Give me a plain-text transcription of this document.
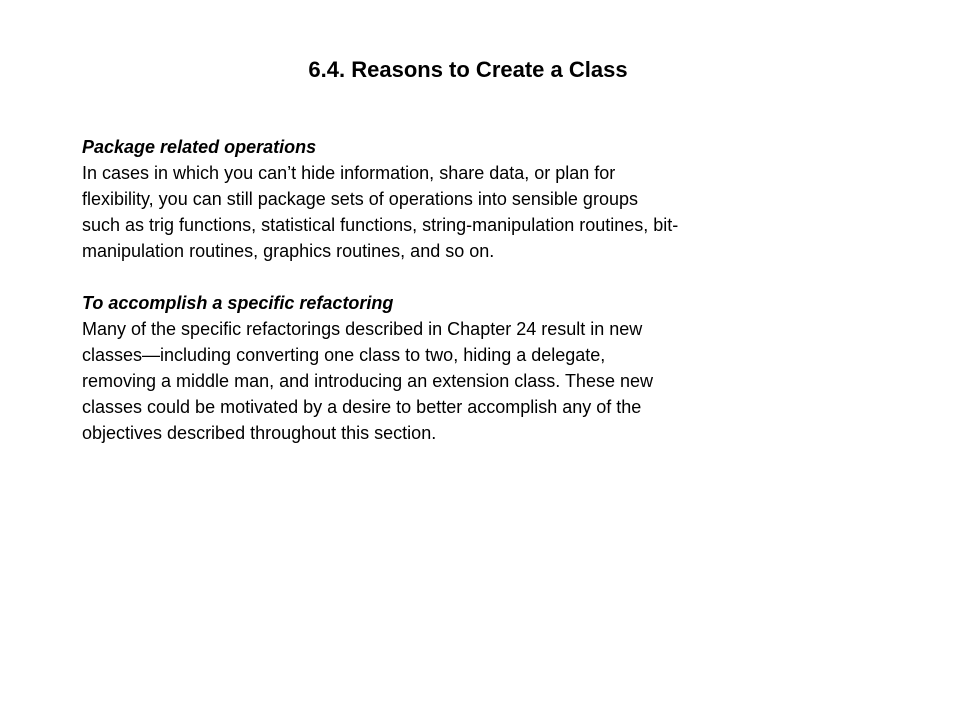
6.4. Reasons to Create a Class

Package related operations

In cases in which you can’t hide information, share data, or plan for
flexibility, you can still package sets of operations into sensible groups
such as trig functions, statistical functions, string-manipulation routines, bit-
manipulation routines, graphics routines, and so on.

To accomplish a specific refactoring

Many of the specific refactorings described in Chapter 24 result in new
classes—including converting one class to two, hiding a delegate,
removing a middle man, and introducing an extension class. These new
classes could be motivated by a desire to better accomplish any of the
objectives described throughout this section.
